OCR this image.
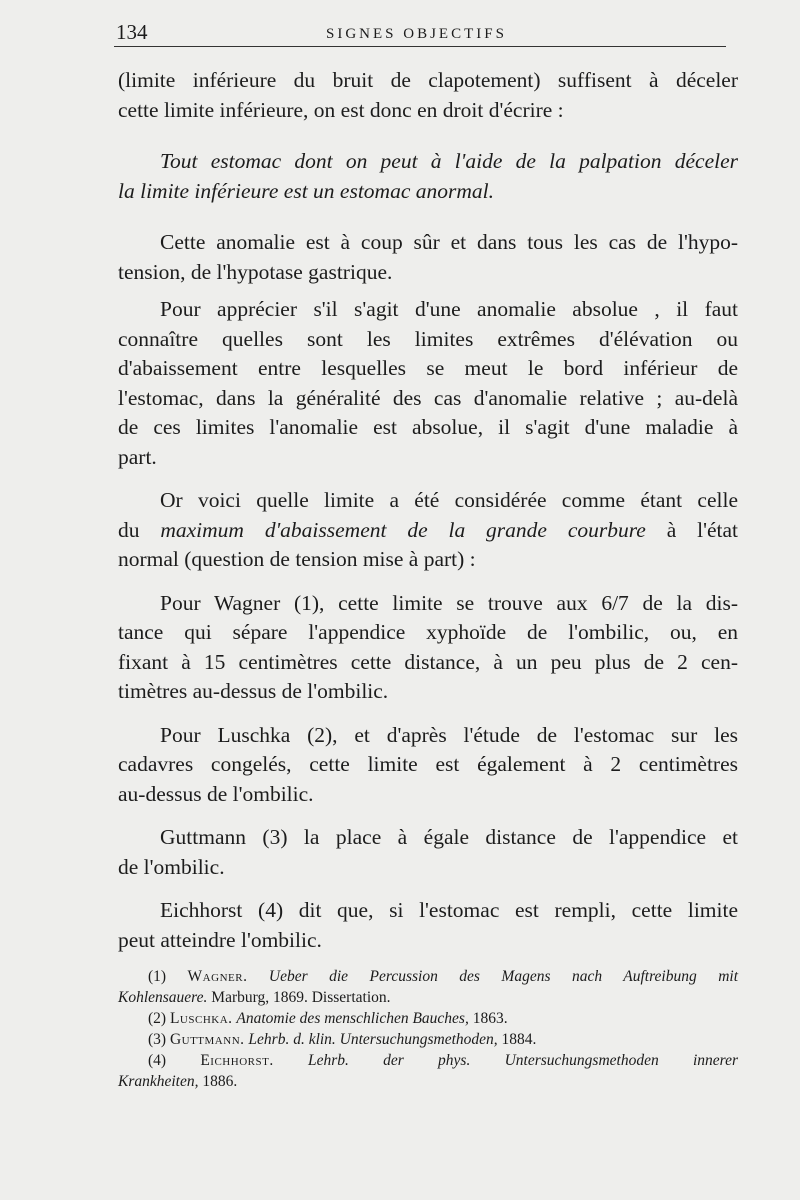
134	SIGNES OBJECTIFS
(limite inférieure du bruit de clapotement) suffisent à déceler
cette limite inférieure, on est donc en droit d'écrire :
Tout estomac dont on peut à l'aide de la palpation déceler
la limite inférieure est un estomac anormal.
Cette anomalie est à coup sûr et dans tous les cas de l'hypo-
tension, de l'hypotase gastrique.
Pour apprécier s'il s'agit d'une anomalie absolue , il faut
connaître quelles sont les limites extrêmes d'élévation ou
d'abaissement entre lesquelles se meut le bord inférieur de
l'estomac, dans la généralité des cas d'anomalie relative ; au-delà
de ces limites l'anomalie est absolue, il s'agit d'une maladie à
part.
Or voici quelle limite a été considérée comme étant celle
du maximum d'abaissement de la grande courbure à l'état
normal (question de tension mise à part) :
Pour Wagner (1), cette limite se trouve aux 6/7 de la dis-
tance qui sépare l'appendice xyphoïde de l'ombilic, ou, en
fixant à 15 centimètres cette distance, à un peu plus de 2 cen-
timètres au-dessus de l'ombilic.
Pour Luschka (2), et d'après l'étude de l'estomac sur les
cadavres congelés, cette limite est également à 2 centimètres
au-dessus de l'ombilic.
Guttmann (3) la place à égale distance de l'appendice et
de l'ombilic.
Eichhorst (4) dit que, si l'estomac est rempli, cette limite
peut atteindre l'ombilic.
(1) Wagner. Ueber die Percussion des Magens nach Auftreibung mit
Kohlensauere. Marburg, 1869. Dissertation.
(2) Luschka. Anatomie des menschlichen Bauches, 1863.
(3) Guttmann. Lehrb. d. klin. Untersuchungsmethoden, 1884.
(4) Eichhorst. Lehrb. der phys. Untersuchungsmethoden innerer
Krankheiten, 1886.
